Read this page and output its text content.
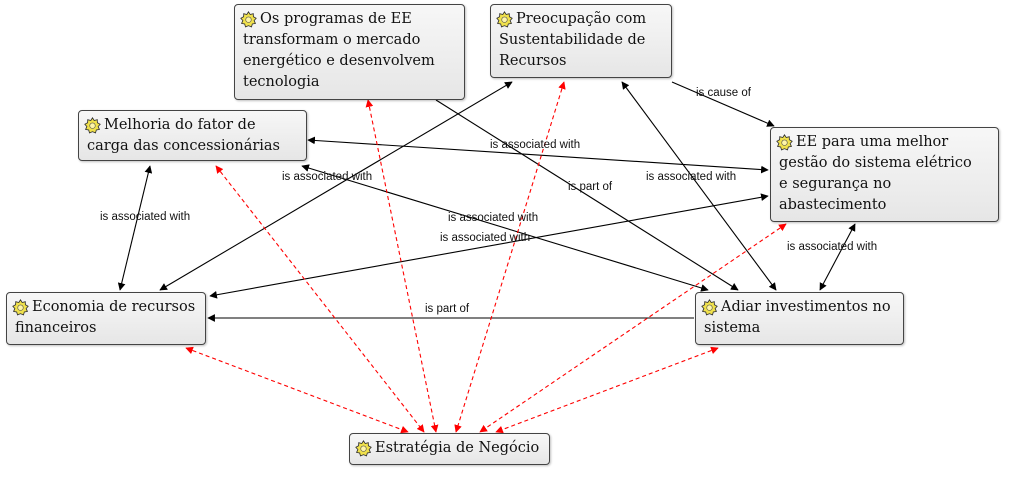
is cause of
is associated with
is part of
is associated with
is associated with
is associated with
is associated with
is associated with
is associated with
is part of
Os programas de EE
transformam o mercado
energético e desenvolvem
tecnologia
Preocupação com
Sustentabilidade de
Recursos
Melhoria do fator de
carga das concessionárias	EE para uma melhor
gestão do sistema elétrico
e segurança no
abastecimento
Economia de recursos
financeiros
Adiar investimentos no
sistema
Estratégia de Negócio
